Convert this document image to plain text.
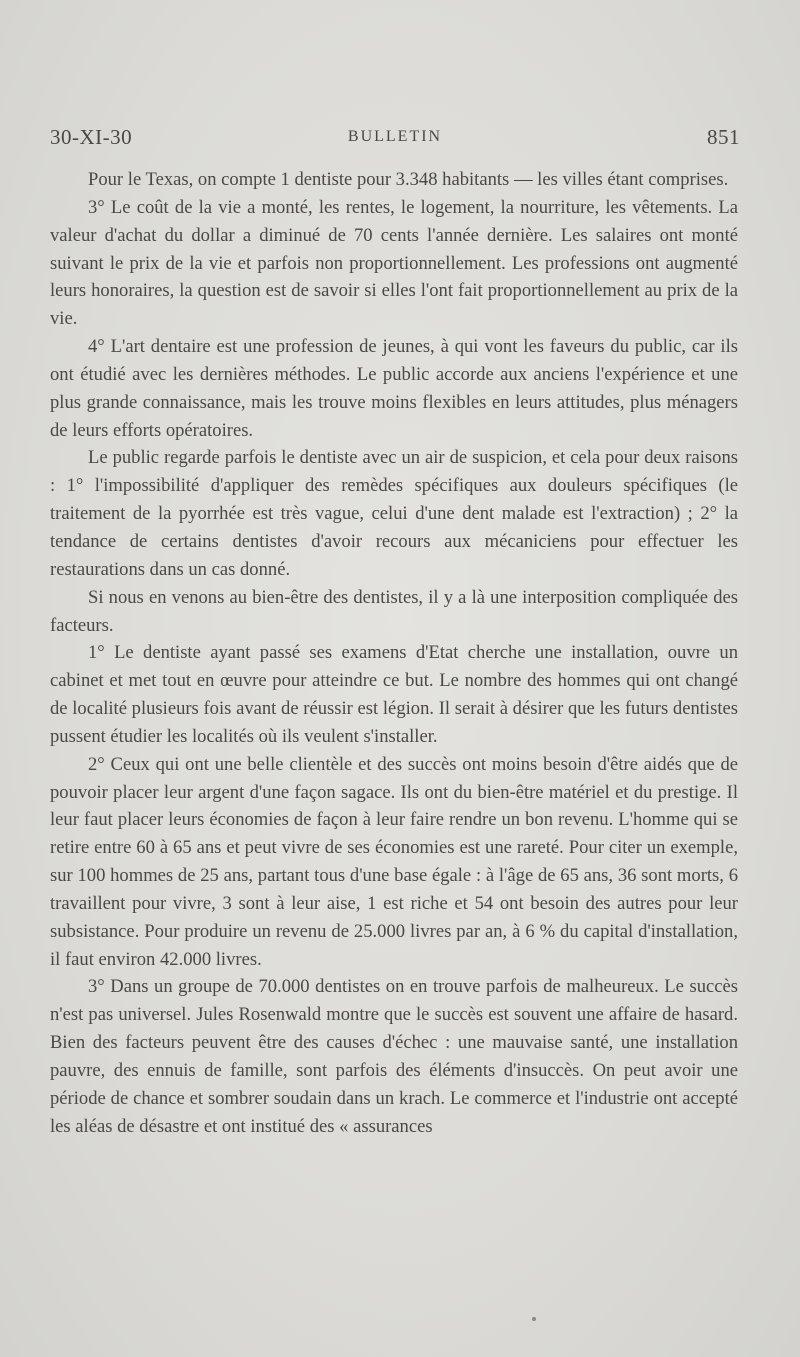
30-XI-30	BULLETIN	851

Pour le Texas, on compte 1 dentiste pour 3.348 habitants — les villes étant comprises.

3° Le coût de la vie a monté, les rentes, le logement, la nourriture, les vêtements. La valeur d'achat du dollar a diminué de 70 cents l'année dernière. Les salaires ont monté suivant le prix de la vie et parfois non proportionnellement. Les professions ont augmenté leurs honoraires, la question est de savoir si elles l'ont fait proportionnellement au prix de la vie.

4° L'art dentaire est une profession de jeunes, à qui vont les faveurs du public, car ils ont étudié avec les dernières méthodes. Le public accorde aux anciens l'expérience et une plus grande connaissance, mais les trouve moins flexibles en leurs attitudes, plus ménagers de leurs efforts opératoires.

Le public regarde parfois le dentiste avec un air de suspicion, et cela pour deux raisons : 1° l'impossibilité d'appliquer des remèdes spécifiques aux douleurs spécifiques (le traitement de la pyorrhée est très vague, celui d'une dent malade est l'extraction) ; 2° la tendance de certains dentistes d'avoir recours aux mécaniciens pour effectuer les restaurations dans un cas donné.

Si nous en venons au bien-être des dentistes, il y a là une interposition compliquée des facteurs.

1° Le dentiste ayant passé ses examens d'Etat cherche une installation, ouvre un cabinet et met tout en œuvre pour atteindre ce but. Le nombre des hommes qui ont changé de localité plusieurs fois avant de réussir est légion. Il serait à désirer que les futurs dentistes pussent étudier les localités où ils veulent s'installer.

2° Ceux qui ont une belle clientèle et des succès ont moins besoin d'être aidés que de pouvoir placer leur argent d'une façon sagace. Ils ont du bien-être matériel et du prestige. Il leur faut placer leurs économies de façon à leur faire rendre un bon revenu. L'homme qui se retire entre 60 à 65 ans et peut vivre de ses économies est une rareté. Pour citer un exemple, sur 100 hommes de 25 ans, partant tous d'une base égale : à l'âge de 65 ans, 36 sont morts, 6 travaillent pour vivre, 3 sont à leur aise, 1 est riche et 54 ont besoin des autres pour leur subsistance. Pour produire un revenu de 25.000 livres par an, à 6 % du capital d'installation, il faut environ 42.000 livres.

3° Dans un groupe de 70.000 dentistes on en trouve parfois de malheureux. Le succès n'est pas universel. Jules Rosenwald montre que le succès est souvent une affaire de hasard. Bien des facteurs peuvent être des causes d'échec : une mauvaise santé, une installation pauvre, des ennuis de famille, sont parfois des éléments d'insuccès. On peut avoir une période de chance et sombrer soudain dans un krach. Le commerce et l'industrie ont accepté les aléas de désastre et ont institué des « assurances
